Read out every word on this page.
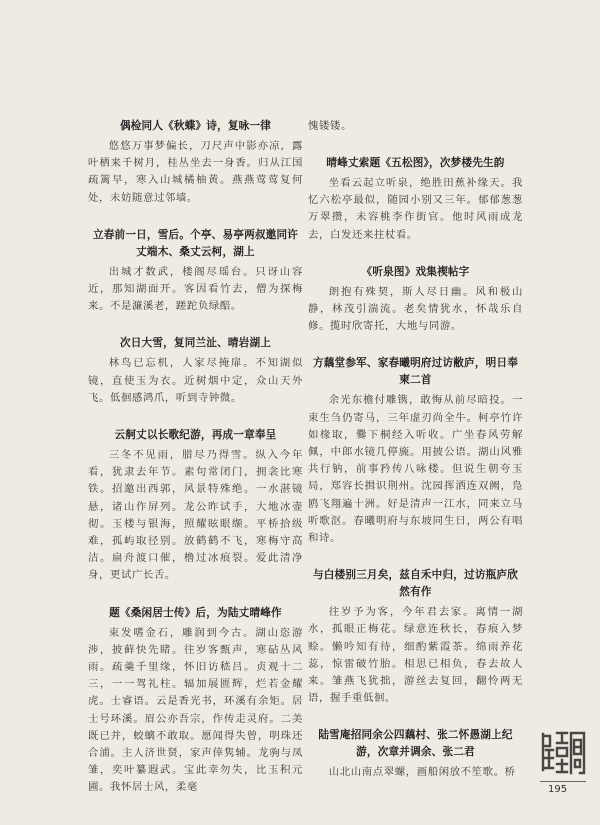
偶检同人《秋蝶》诗，复咏一律
悠悠万事梦偏长，刀尺声中影亦凉，露叶栖来千树月，桂丛坐去一身香。归从江国疏篱早，寒入山城橘柚黄。燕燕莺莺复何处，未妨随意过邻墙。
立春前一日，雪后。个亭、易亭两叔邀同许丈端木、桑丈云柯，湖上
出城才数武，楼阁尽瑶台。只讶山容近，那知湖面开。客因看竹去，僧为探梅来。不是濂溪老，蹉跎负绿醅。
次日大雪，复同兰沚、晴岩湖上
林鸟已忘机，人家尽掩扉。不知湖似镜，直使玉为衣。近树烟中定，众山天外飞。低徊感鸿爪，听到寺钟微。
云舸丈以长歌纪游，再成一章奉呈
三冬不见雨，腊尽乃得雪。纵入今年看，犹隶去年节。素句常闭门，拥衾比寒铁。招邀出西郭，风景特殊绝。一水湛镜悬，诸山作屏列。龙公昨试手，大地冰壶彻。玉楼与银海，照耀眩眼缬。平桥拾级难，孤屿取径别。放鹤鹤不飞，寒梅守高洁。扁舟渡口催，橹过冰痕裂。爱此清净身，更试广长舌。
题《桑闲居士传》后，为陆丈晴峰作
束发嗜金石，雕润到今古。湖山恣游涉，披藓快先睹。往岁客甄声，寒砧丛风雨。疏羹千里缘，怀旧访嵇吕。贞观十二三，一一驾礼柱。辐加展匮辉，烂若金耀虎。士睿语。云是香光书，环溪有余矩。居士号环溪。眉公亦吾宗，作传走灵府。二美既已并，蛟螭不敢取。愿闻得失曾，明珠还合浦。主人济世贤，家声倖隽辅。龙驹与凤雏，奕叶纂遐武。宝此幸勿失，比玉积元圃。我怀居士风，柔毫
愧镂镂。
晴峰丈索题《五松图》，次梦楼先生韵
坐看云起立听泉，绝胜田蕉补缘天。我忆六松亭最似，随园小别又三年。郁郁葱葱万翠攒，未容桃李作街官。他时风雨成龙去，白发还来拄杖看。
《听泉图》戏集禊帖字
朗抱有殊契，斯人尽日幽。风和极山静，林茂引湍流。老矣情犹水，怀哉乐自修。揽时欣寄托，大地与同游。
方藕堂参军、家春曦明府过访敝庐，明日奉柬二首
余光东檐付雕镌，敢悔从前尽暗投。一束生刍仍寄马，三年虚刃尚全牛。柯亭竹许如椽取，爨下桐经入听收。广坐春风劳解佩，中郎水镜几停旒。用披公语。湖山风雅共行钠，前事矜传八咏楼。但说生朝夸玉局，郑容长揖识荆州。沈园挥洒连双阙，凫鸥飞翔遍十洲。好是清声一江水，同来立马听歌沤。春曦明府与东坡同生日，两公有唱和诗。
与白楼别三月矣，兹自禾中归，过访瓶庐欣然有作
往岁予为客，今年君去家。离情一湖水，孤眼正梅花。绿意连秋长，春痕入梦赊。懒吟知有待，细酌紫霞茶。绵雨养花蕊，惊雷破竹胎。相思已相负，春去故人来。雏燕飞犹拙，游丝去复回，翻怜两无语，握手重低徊。
陆雪庵招同余公四藕村、张二怀愚湖上纪游，次章并调余、张二君
山北山南点翠螺，画船闲放不笙歌。桥
195
